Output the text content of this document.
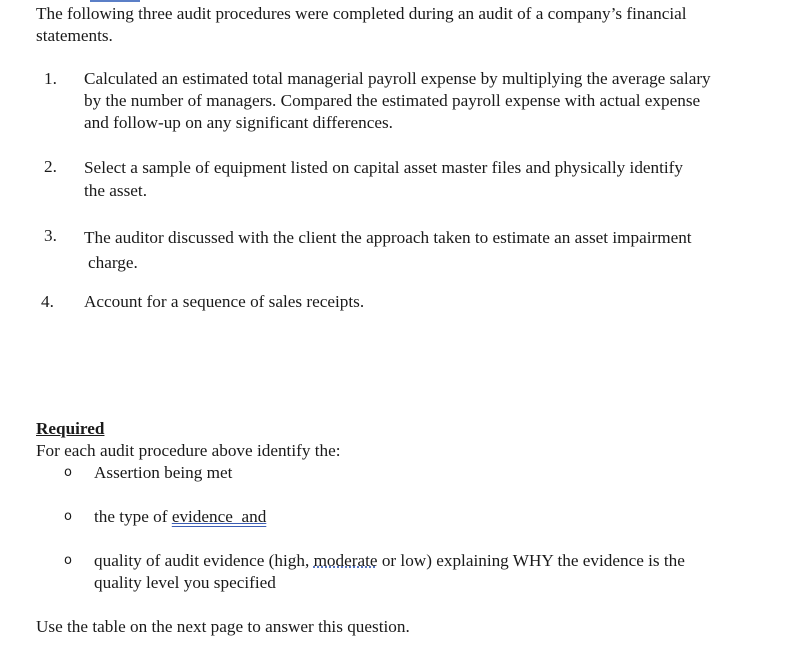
The following three audit procedures were completed during an audit of a company’s financial
statements.
1.	Calculated an estimated total managerial payroll expense by multiplying the average salary
by the number of managers. Compared the estimated payroll expense with actual expense
and follow-up on any significant differences.
2.	Select a sample of equipment listed on capital asset master files and physically identify
the asset.
3.	The auditor discussed with the client the approach taken to estimate an asset impairment
charge.
4.	Account for a sequence of sales receipts.
Required
For each audit procedure above identify the:
o	Assertion being met
o	the type of evidence  and
o	quality of audit evidence (high, moderate or low) explaining WHY the evidence is the
quality level you specified
Use the table on the next page to answer this question.
